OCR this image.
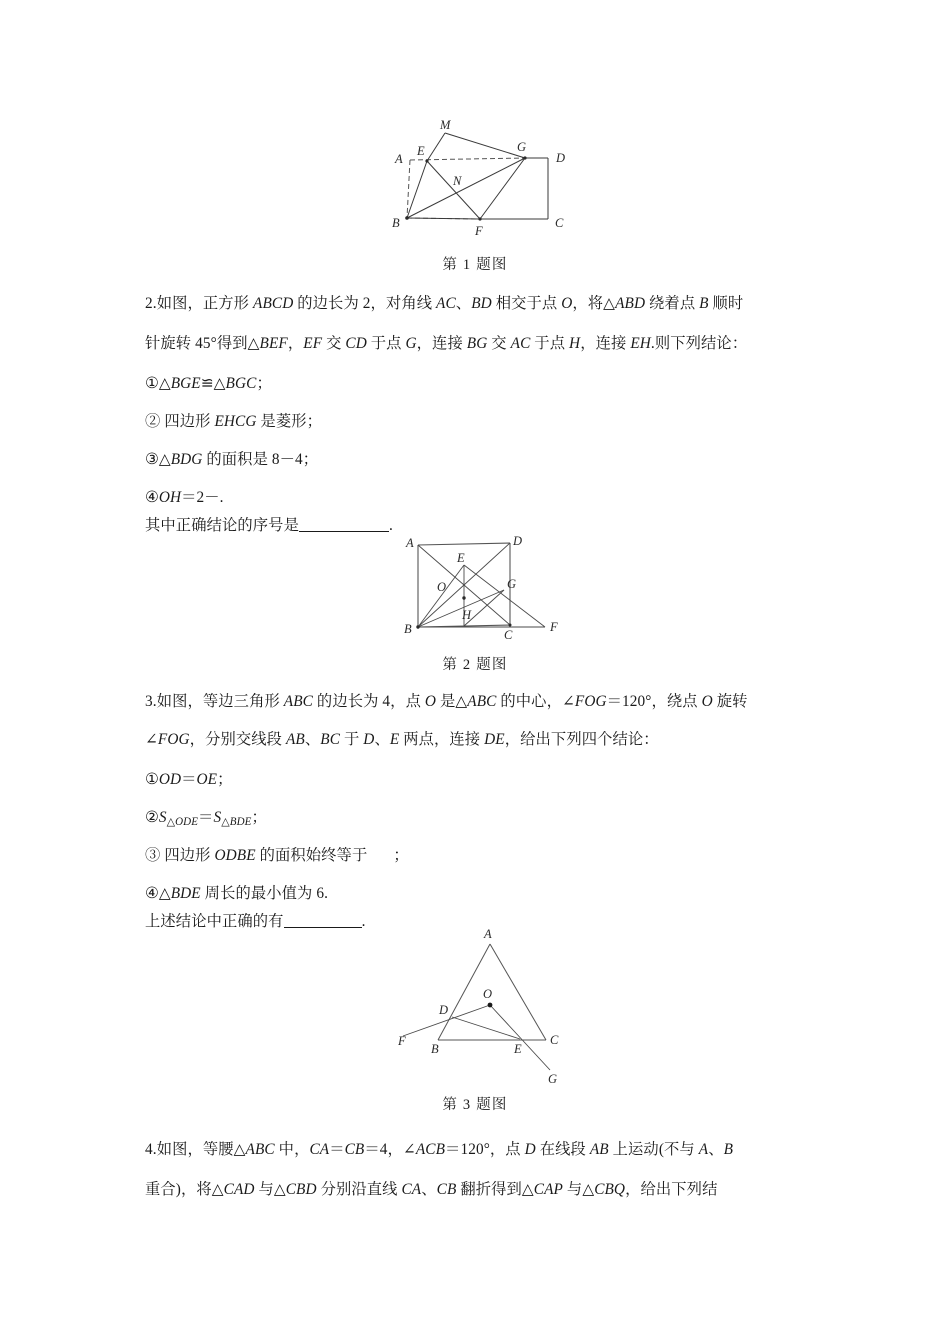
M
E	G
A	D
N
B
F
C
第 1 题图
2.如图，正方形 ABCD 的边长为 2，对角线 AC、BD 相交于点 O，将△ABD 绕着点 B 顺时
针旋转 45°得到△BEF，EF 交 CD 于点 G，连接 BG 交 AC 于点 H，连接 EH.则下列结论：
①△BGE≌△BGC；
② 四边形 EHCG 是菱形；
③△BDG 的面积是 8－4；
④OH＝2－.
其中正确结论的序号是	.
A	D
E
O	G
B
H
C
F
第 2 题图
3.如图，等边三角形 ABC 的边长为 4，点 O 是△ABC 的中心，∠FOG＝120°，绕点 O 旋转
∠FOG，分别交线段 AB、BC 于 D、E 两点，连接 DE，给出下列四个结论：
①OD＝OE；
$②S_{\triangle ODE}=S_{\triangle BDE}$；
③ 四边形 ODBE 的面积始终等于 ；
④△BDE 周长的最小值为 6.
上述结论中正确的有	.
A
O
D
F
B	E
C
G
第 3 题图
4.如图，等腰△ABC 中，CA＝CB＝4，∠ACB＝120°，点 D 在线段 AB 上运动(不与 A、B
重合)，将△CAD 与△CBD 分别沿直线 CA、CB 翻折得到△CAP 与△CBQ，给出下列结
